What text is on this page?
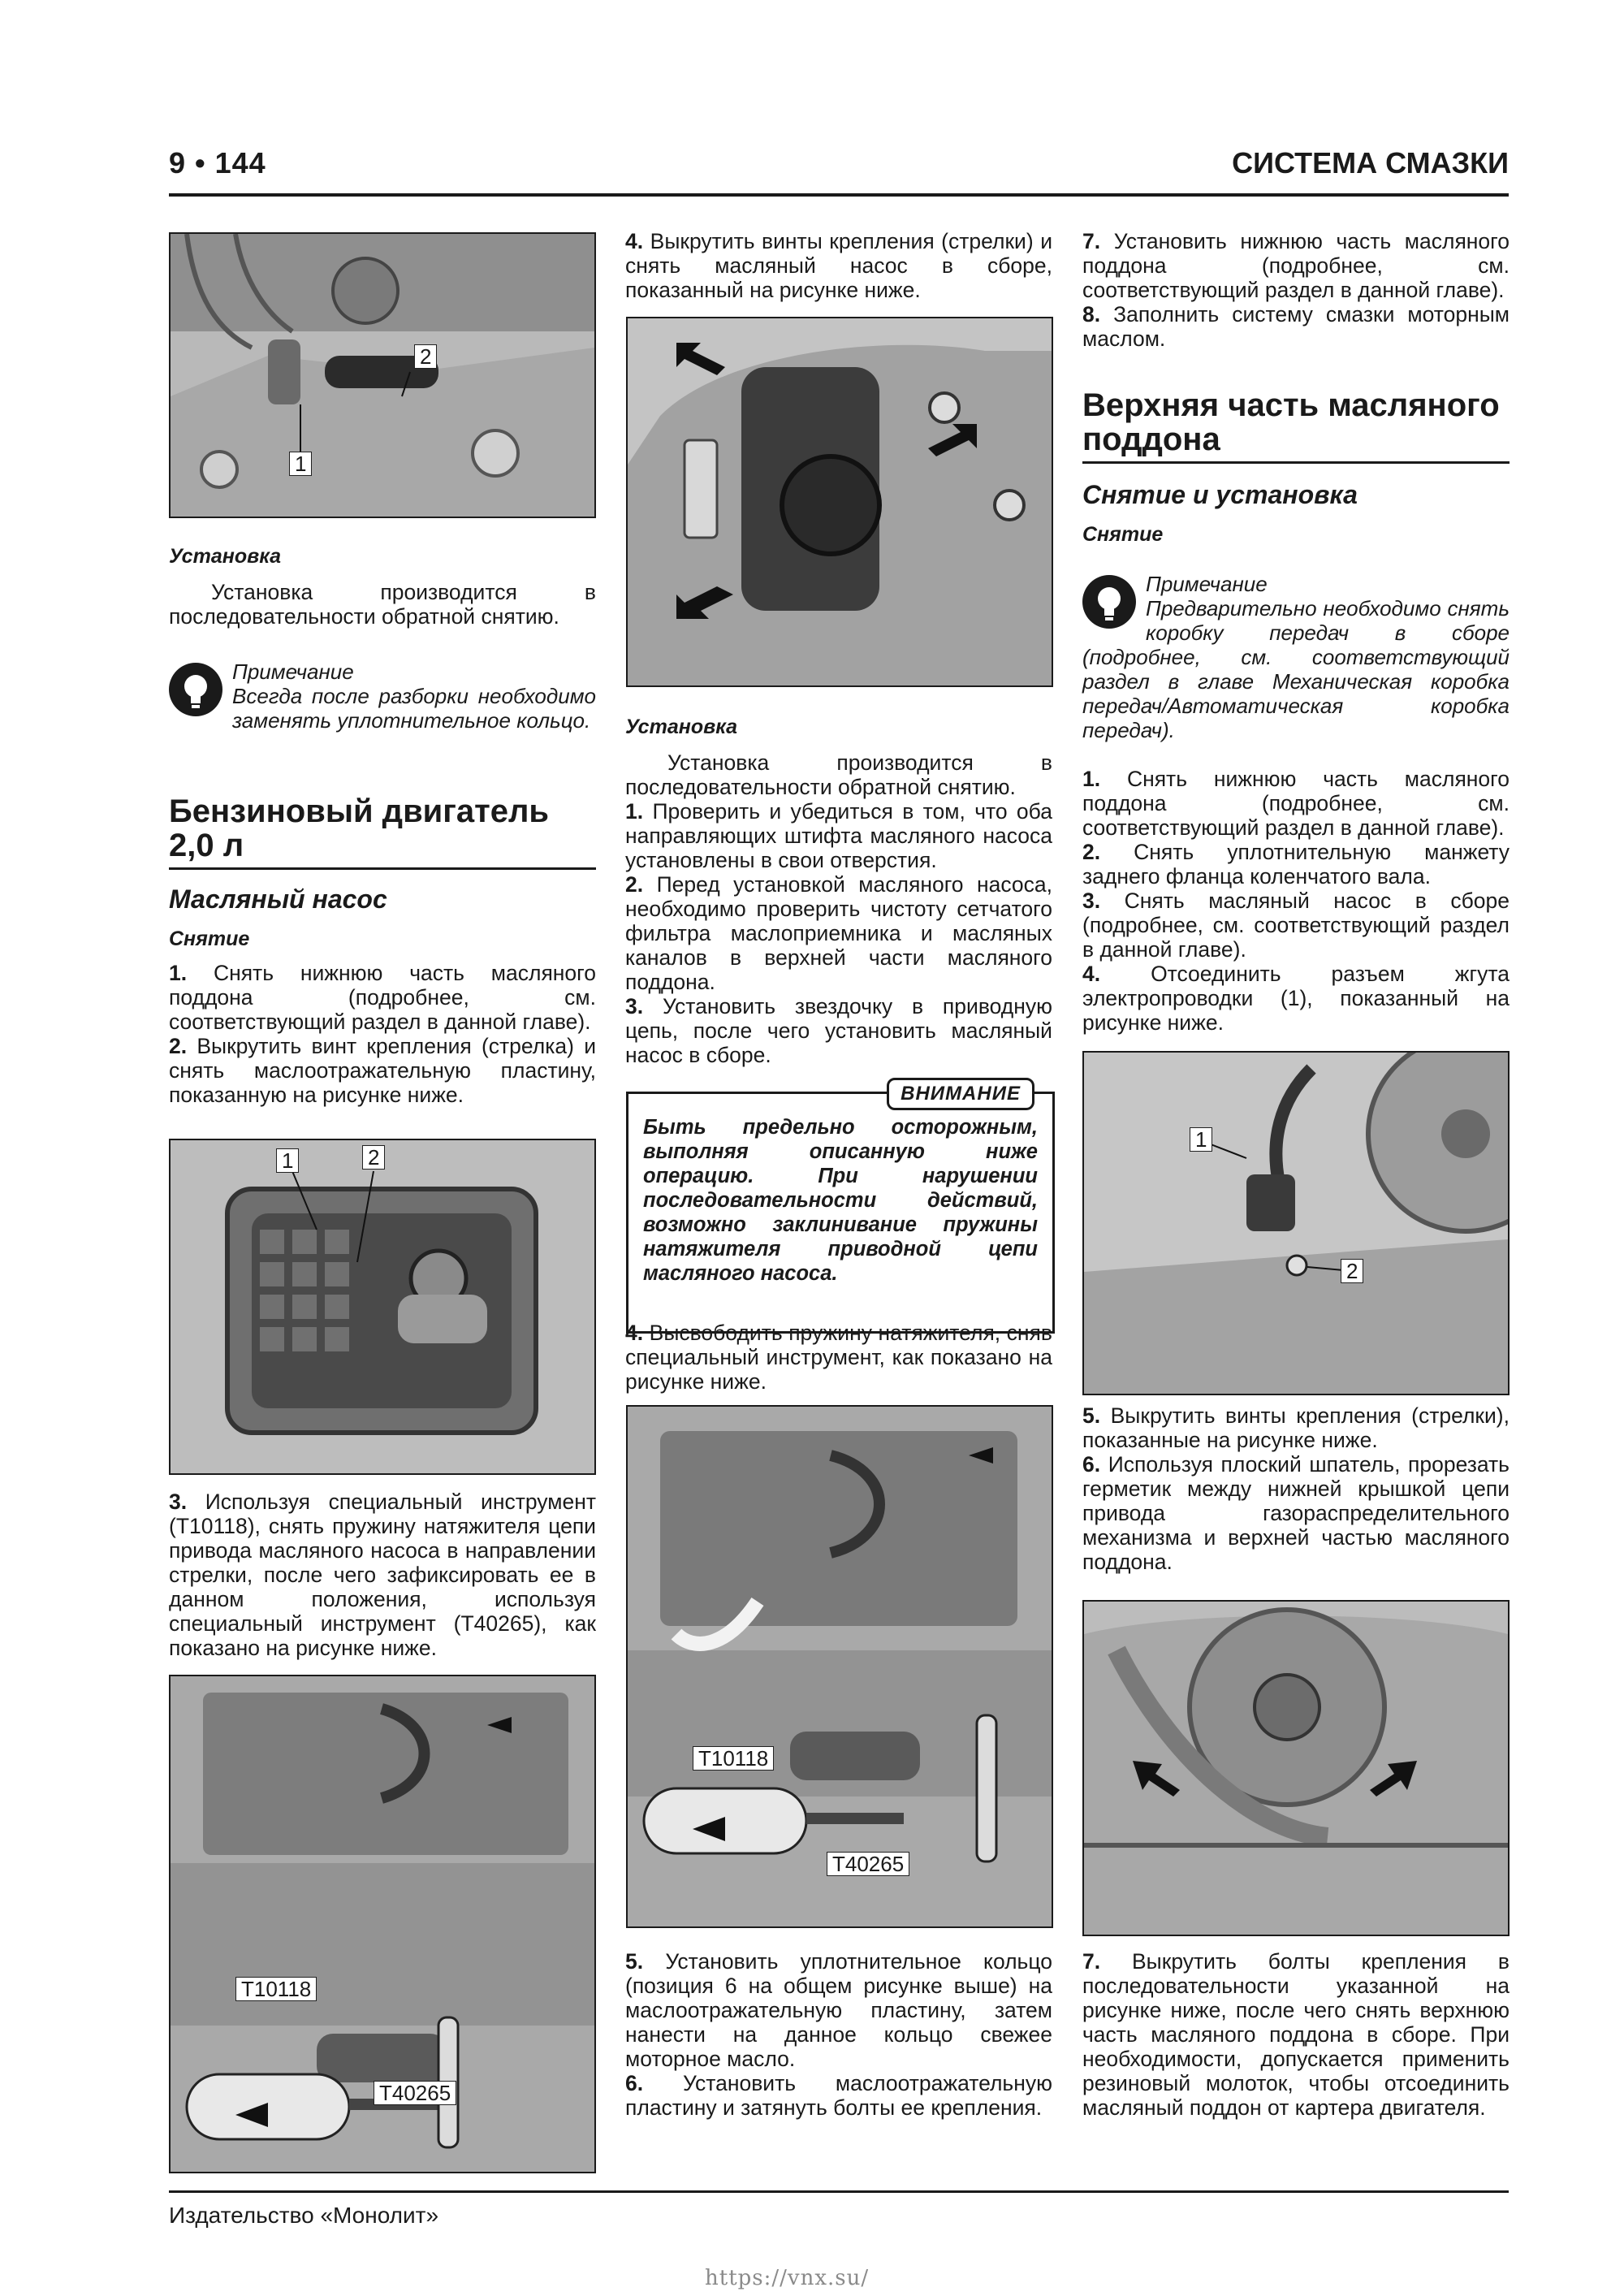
9 • 144	СИСТЕМА СМАЗКИ
1
2

Установка

Установка производится в последовательности обратной снятию.

Примечание
Всегда после разборки необходимо заменять уплотнительное кольцо.

Бензиновый двигатель 2,0 л

Масляный насос

Снятие

1. Снять нижнюю часть масляного поддона (подробнее, см. соответствующий раздел в данной главе).

2. Выкрутить винт крепления (стрелка) и снять маслоотражательную пластину, показанную на рисунке ниже.

1	2

3. Используя специальный инструмент (T10118), снять пружину натяжителя цепи привода масляного насоса в направлении стрелки, после чего зафиксировать ее в данном положения, используя специальный инструмент (T40265), как показано на рисунке ниже.

T10118
T40265

4. Выкрутить винты крепления (стрелки) и снять масляный насос в сборе, показанный на рисунке ниже.

Установка

Установка производится в последовательности обратной снятию.

1. Проверить и убедиться в том, что оба направляющих штифта масляного насоса установлены в свои отверстия.

2. Перед установкой масляного насоса, необходимо проверить чистоту сетчатого фильтра маслоприемника и масляных каналов в верхней части масляного поддона.

3. Установить звездочку в приводную цепь, после чего установить масляный насос в сборе.

ВНИМАНИЕ
Быть предельно осторожным, выполняя описанную ниже операцию. При нарушении последовательности действий, возможно заклинивание пружины натяжителя приводной цепи масляного насоса.

4. Высвободить пружину натяжителя, сняв специальный инструмент, как показано на рисунке ниже.

T10118
T40265

5. Установить уплотнительное кольцо (позиция 6 на общем рисунке выше) на маслоотражательную пластину, затем нанести на данное кольцо свежее моторное масло.

6. Установить маслоотражательную пластину и затянуть болты ее крепления.

7. Установить нижнюю часть масляного поддона (подробнее, см. соответствующий раздел в данной главе).

8. Заполнить систему смазки моторным маслом.

Верхняя часть масляного поддона

Снятие и установка

Снятие

Примечание
Предварительно необходимо снять коробку передач в сборе (подробнее, см. соответствующий раздел в главе Механическая коробка передач/Автоматическая коробка передач).

1. Снять нижнюю часть масляного поддона (подробнее, см. соответствующий раздел в данной главе).

2. Снять уплотнительную манжету заднего фланца коленчатого вала.

3. Снять масляный насос в сборе (подробнее, см. соответствующий раздел в данной главе).

4. Отсоединить разъем жгута электропроводки (1), показанный на рисунке ниже.

1
2

5. Выкрутить винты крепления (стрелки), показанные на рисунке ниже.

6. Используя плоский шпатель, прорезать герметик между нижней крышкой цепи привода газораспределительного механизма и верхней частью масляного поддона.

7. Выкрутить болты крепления в последовательности указанной на рисунке ниже, после чего снять верхнюю часть масляного поддона в сборе. При необходимости, допускается применить резиновый молоток, чтобы отсоединить масляный поддон от картера двигателя.

Издательство «Монолит»
https://vnx.su/
